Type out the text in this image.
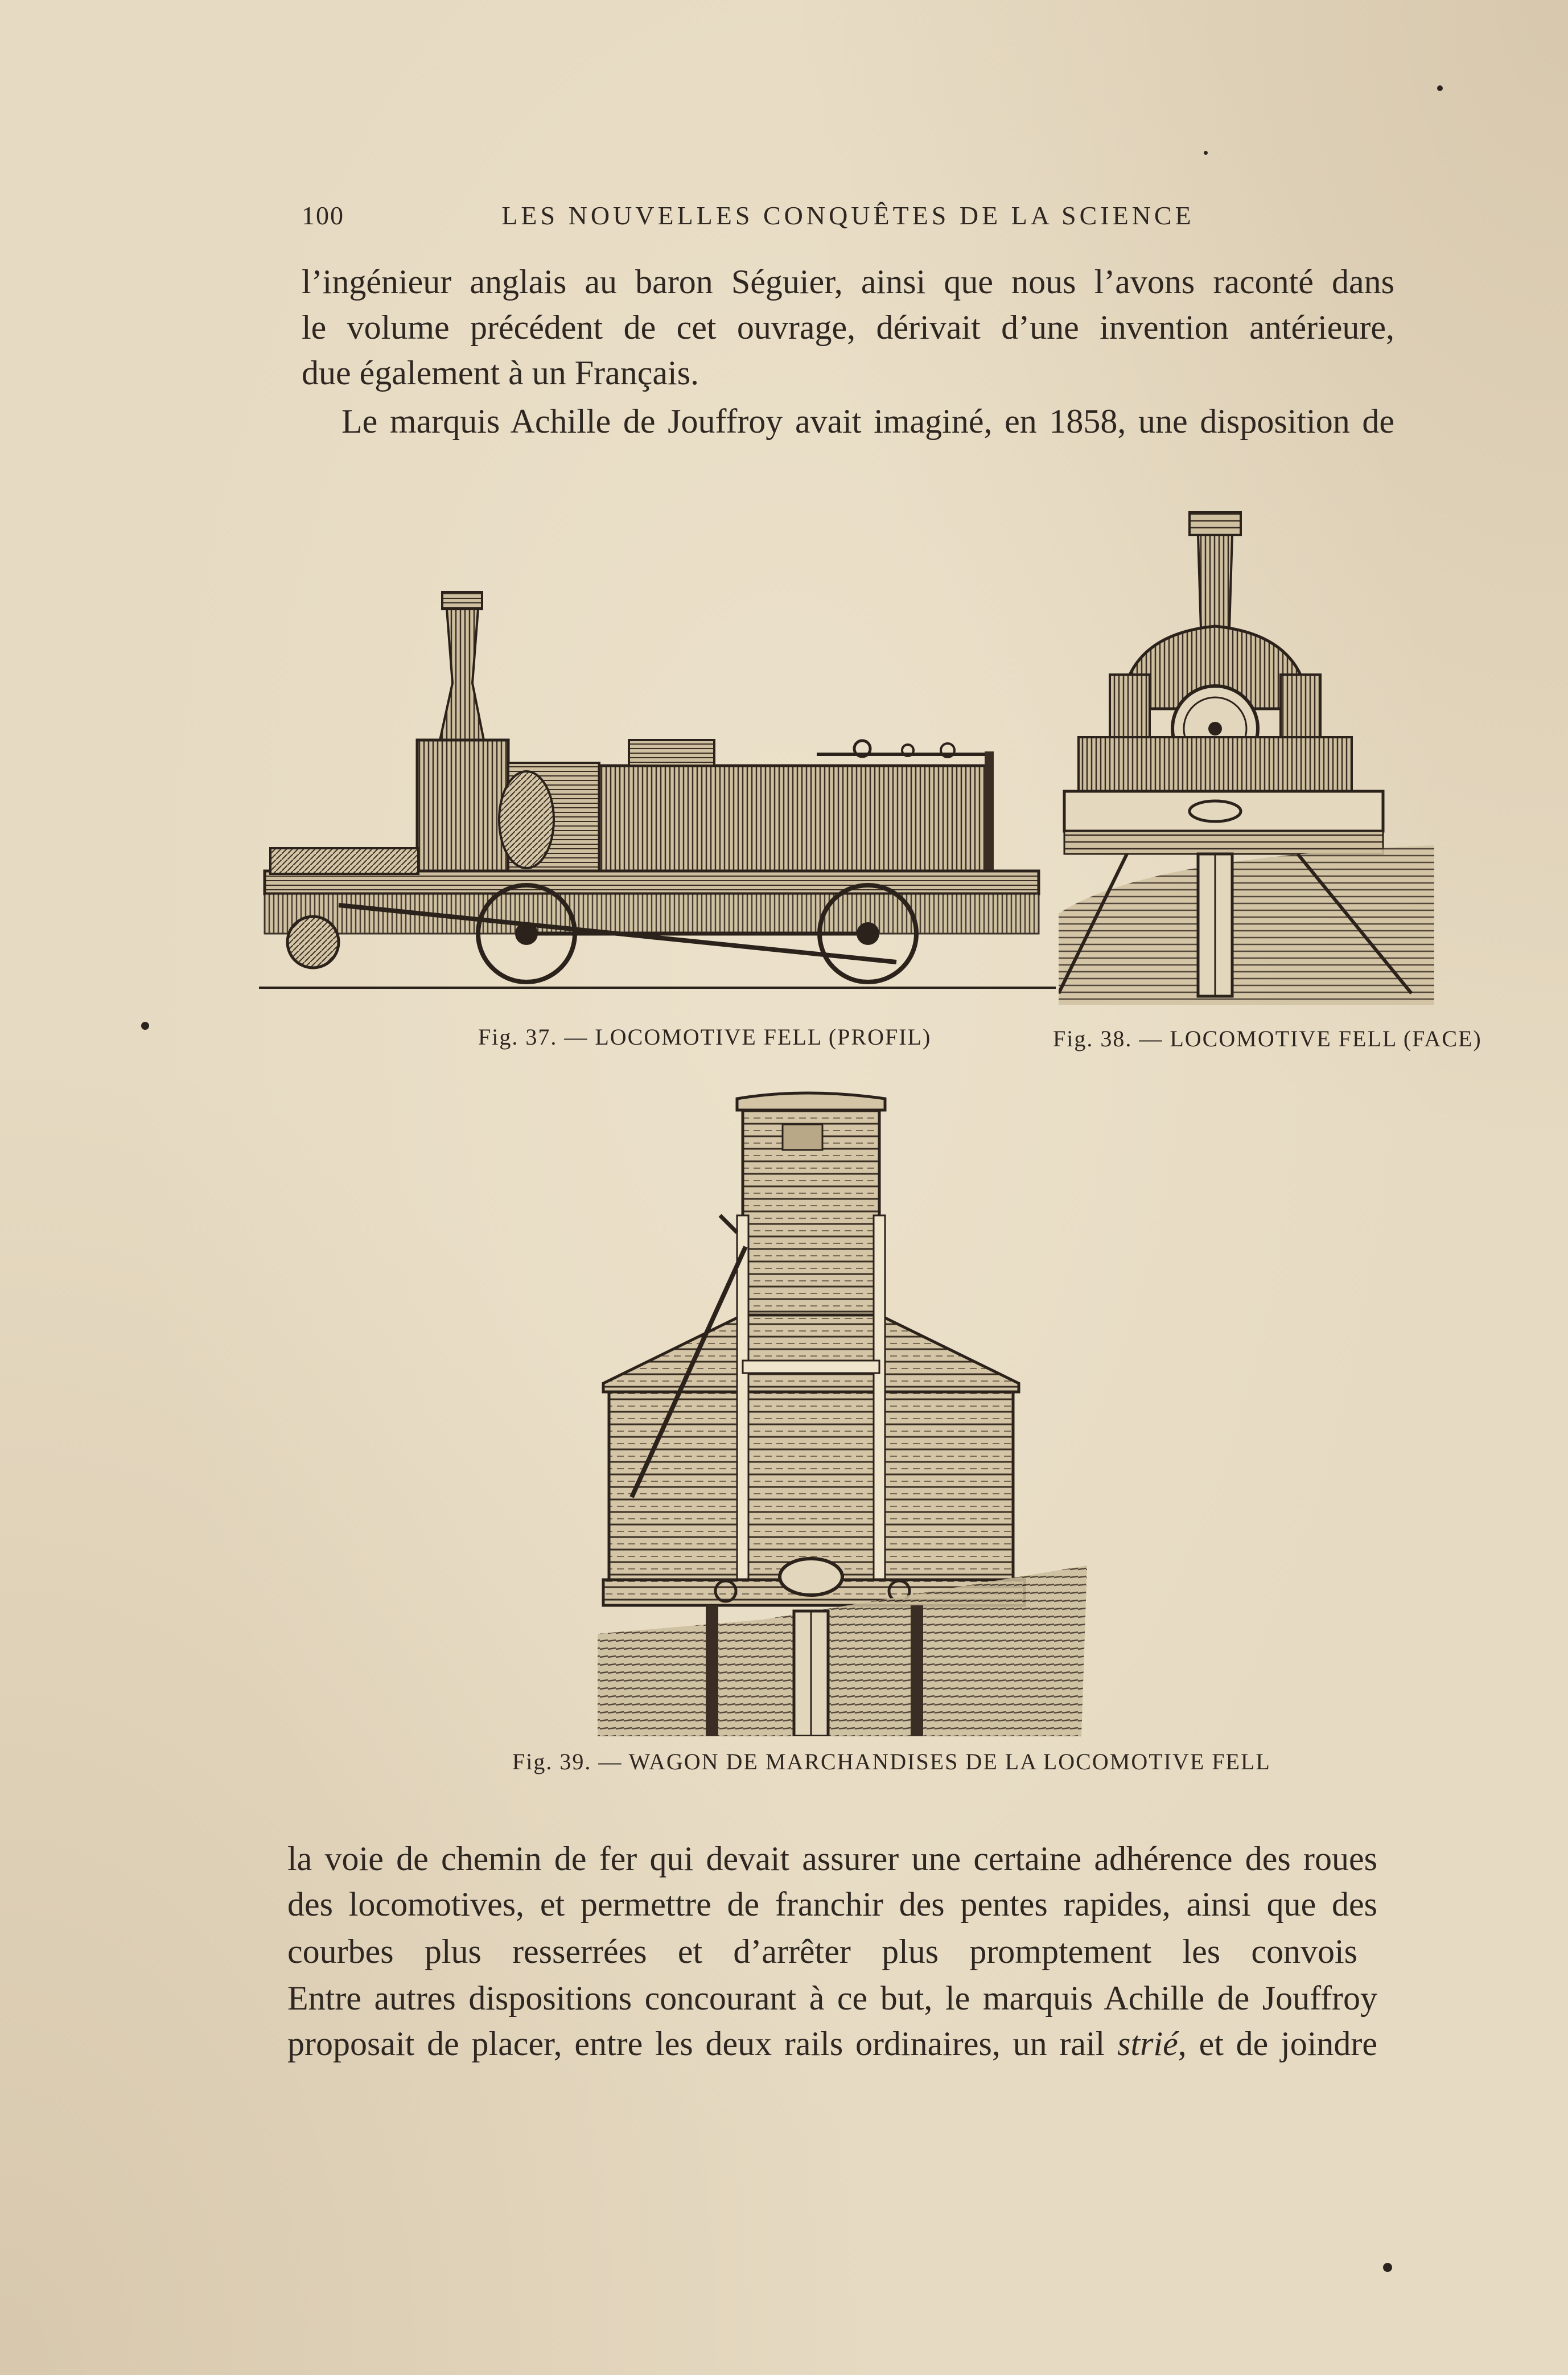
100	LES NOUVELLES CONQUÊTES DE LA SCIENCE
l’ingénieur anglais au baron Séguier, ainsi que nous l’avons raconté dans
le volume précédent de cet ouvrage, dérivait d’une invention antérieure,
due également à un Français.
Le marquis Achille de Jouffroy avait imaginé, en 1858, une disposition de
Fig. 37. — LOCOMOTIVE FELL (PROFIL)	Fig. 38. — LOCOMOTIVE FELL (FACE)
Fig. 39. — WAGON DE MARCHANDISES DE LA LOCOMOTIVE FELL
la voie de chemin de fer qui devait assurer une certaine adhérence des roues
des locomotives, et permettre de franchir des pentes rapides, ainsi que des
courbes plus resserrées et d’arrêter plus promptement les convois
Entre autres dispositions concourant à ce but, le marquis Achille de Jouffroy
proposait de placer, entre les deux rails ordinaires, un rail strié, et de joindre
